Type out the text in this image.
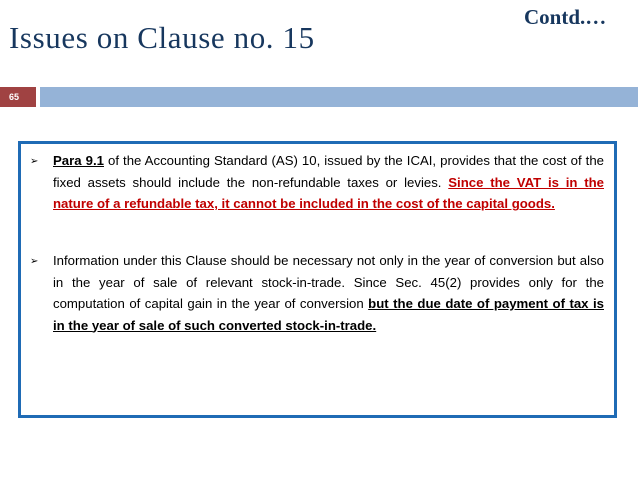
Issues on Clause no. 15
Contd.…
65
➢ Para 9.1 of the Accounting Standard (AS) 10, issued by the ICAI, provides that the cost of the fixed assets should include the non-refundable taxes or levies. Since the VAT is in the nature of a refundable tax, it cannot be included in the cost of the capital goods.
➢ Information under this Clause should be necessary not only in the year of conversion but also in the year of sale of relevant stock-in-trade. Since Sec. 45(2) provides only for the computation of capital gain in the year of conversion but the due date of payment of tax is in the year of sale of such converted stock-in-trade.
